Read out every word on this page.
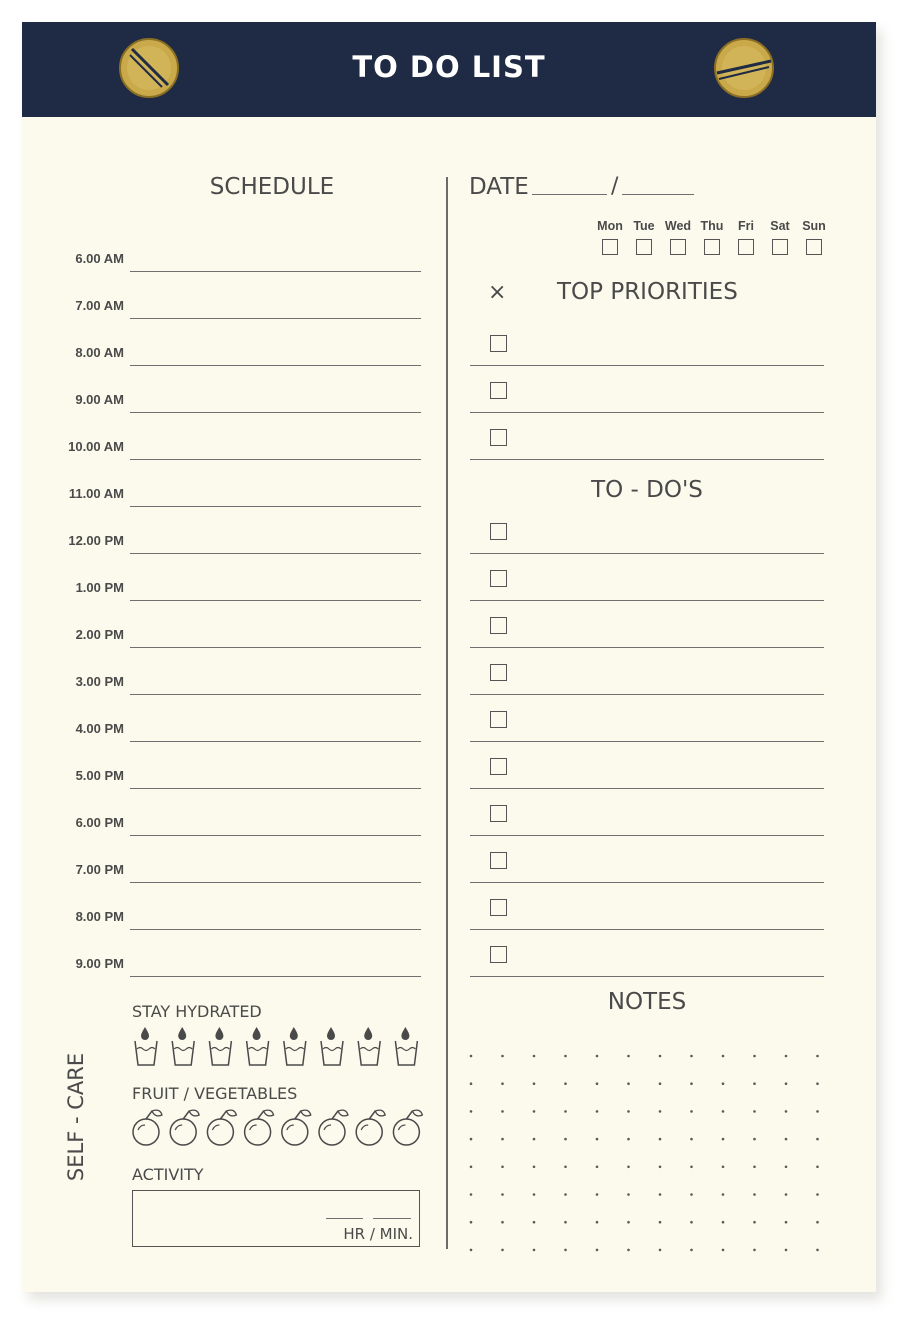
TO DO LIST
SCHEDULE
6.00 AM
7.00 AM
8.00 AM
9.00 AM
10.00 AM
11.00 AM
12.00 PM
1.00 PM
2.00 PM
3.00 PM
4.00 PM
5.00 PM
6.00 PM
7.00 PM
8.00 PM
9.00 PM
DATE	/
Mon Tue Wed Thu	Fri	Sat Sun
× TOP PRIORITIES
TO - DO'S
NOTES
SELF - CARE
STAY HYDRATED
FRUIT / VEGETABLES
ACTIVITY
HR / MIN.
